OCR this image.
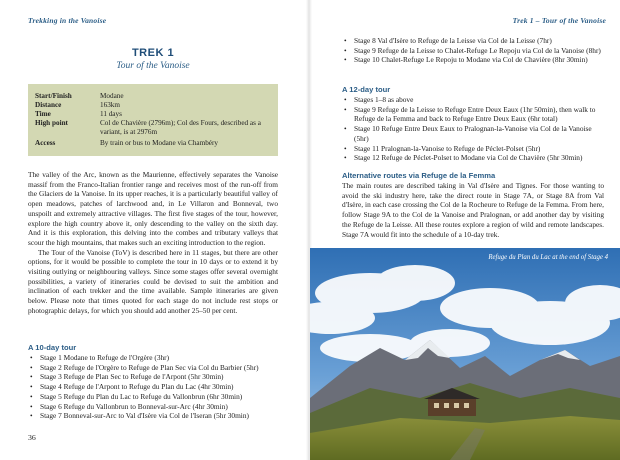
Trekking in the Vanoise
TREK 1
Tour of the Vanoise
Start/Finish	Modane
Distance	163km
Time	11 days
High point	Col de Chavière (2796m); Col des Fours, described as a variant, is at 2976m
Access	By train or bus to Modane via Chambéry

The valley of the Arc, known as the Maurienne, effectively separates the Vanoise massif from the Franco-Italian frontier range and receives most of the run-off from the Glaciers de la Vanoise. In its upper reaches, it is a particularly beautiful valley of open meadows, patches of larchwood and, in Le Villaron and Bonneval, two unspoilt and extremely attractive villages. The first five stages of the tour, however, explore the high country above it, only descending to the valley on the sixth day. And it is this exploration, this delving into the combes and tributary valleys that scour the high mountains, that makes such an exciting introduction to the region.

The Tour of the Vanoise (ToV) is described here in 11 stages, but there are other options, for it would be possible to complete the tour in 10 days or to extend it by visiting outlying or neighbouring valleys. Since some stages offer several overnight possibilities, a variety of itineraries could be devised to suit the ambition and inclination of each trekker and the time available. Sample itineraries are given below. Please note that times quoted for each stage do not include rest stops or photographic delays, for which you should add another 25–50 per cent.

A 10-day tour
• Stage 1 Modane to Refuge de l'Orgère (3hr)
• Stage 2 Refuge de l'Orgère to Refuge de Plan Sec via Col du Barbier (5hr)
• Stage 3 Refuge de Plan Sec to Refuge de l'Arpont (5hr 30min)
• Stage 4 Refuge de l'Arpont to Refuge du Plan du Lac (4hr 30min)
• Stage 5 Refuge du Plan du Lac to Refuge du Vallonbrun (6hr 30min)
• Stage 6 Refuge du Vallonbrun to Bonneval-sur-Arc (4hr 30min)
• Stage 7 Bonneval-sur-Arc to Val d'Isère via Col de l'Iseran (5hr 30min)
36
Trek 1 – Tour of the Vanoise
• Stage 8 Val d'Isère to Refuge de la Leisse via Col de la Leisse (7hr)
• Stage 9 Refuge de la Leisse to Chalet-Refuge Le Repoju via Col de la Vanoise (8hr)
• Stage 10 Chalet-Refuge Le Repoju to Modane via Col de Chavière (8hr 30min)
A 12-day tour
• Stages 1–8 as above
• Stage 9 Refuge de la Leisse to Refuge Entre Deux Eaux (1hr 50min), then walk to Refuge de la Femma and back to Refuge Entre Deux Eaux (6hr total)
• Stage 10 Refuge Entre Deux Eaux to Pralognan-la-Vanoise via Col de la Vanoise (5hr)
• Stage 11 Pralognan-la-Vanoise to Refuge de Péclet-Polset (5hr)
• Stage 12 Refuge de Péclet-Polset to Modane via Col de Chavière (5hr 30min)
Alternative routes via Refuge de la Femma

The main routes are described taking in Val d'Isère and Tignes. For those wanting to avoid the ski industry here, take the direct route in Stage 7A, or Stage 8A from Val d'Isère, in each case crossing the Col de la Rocheure to Refuge de la Femma. From here, follow Stage 9A to the Col de la Vanoise and Pralognan, or add another day by visiting the Refuge de la Leisse. All these routes explore a region of wild and remote landscapes. Stage 7A would fit into the schedule of a 10-day trek.

Refuge du Plan du Lac at the end of Stage 4
